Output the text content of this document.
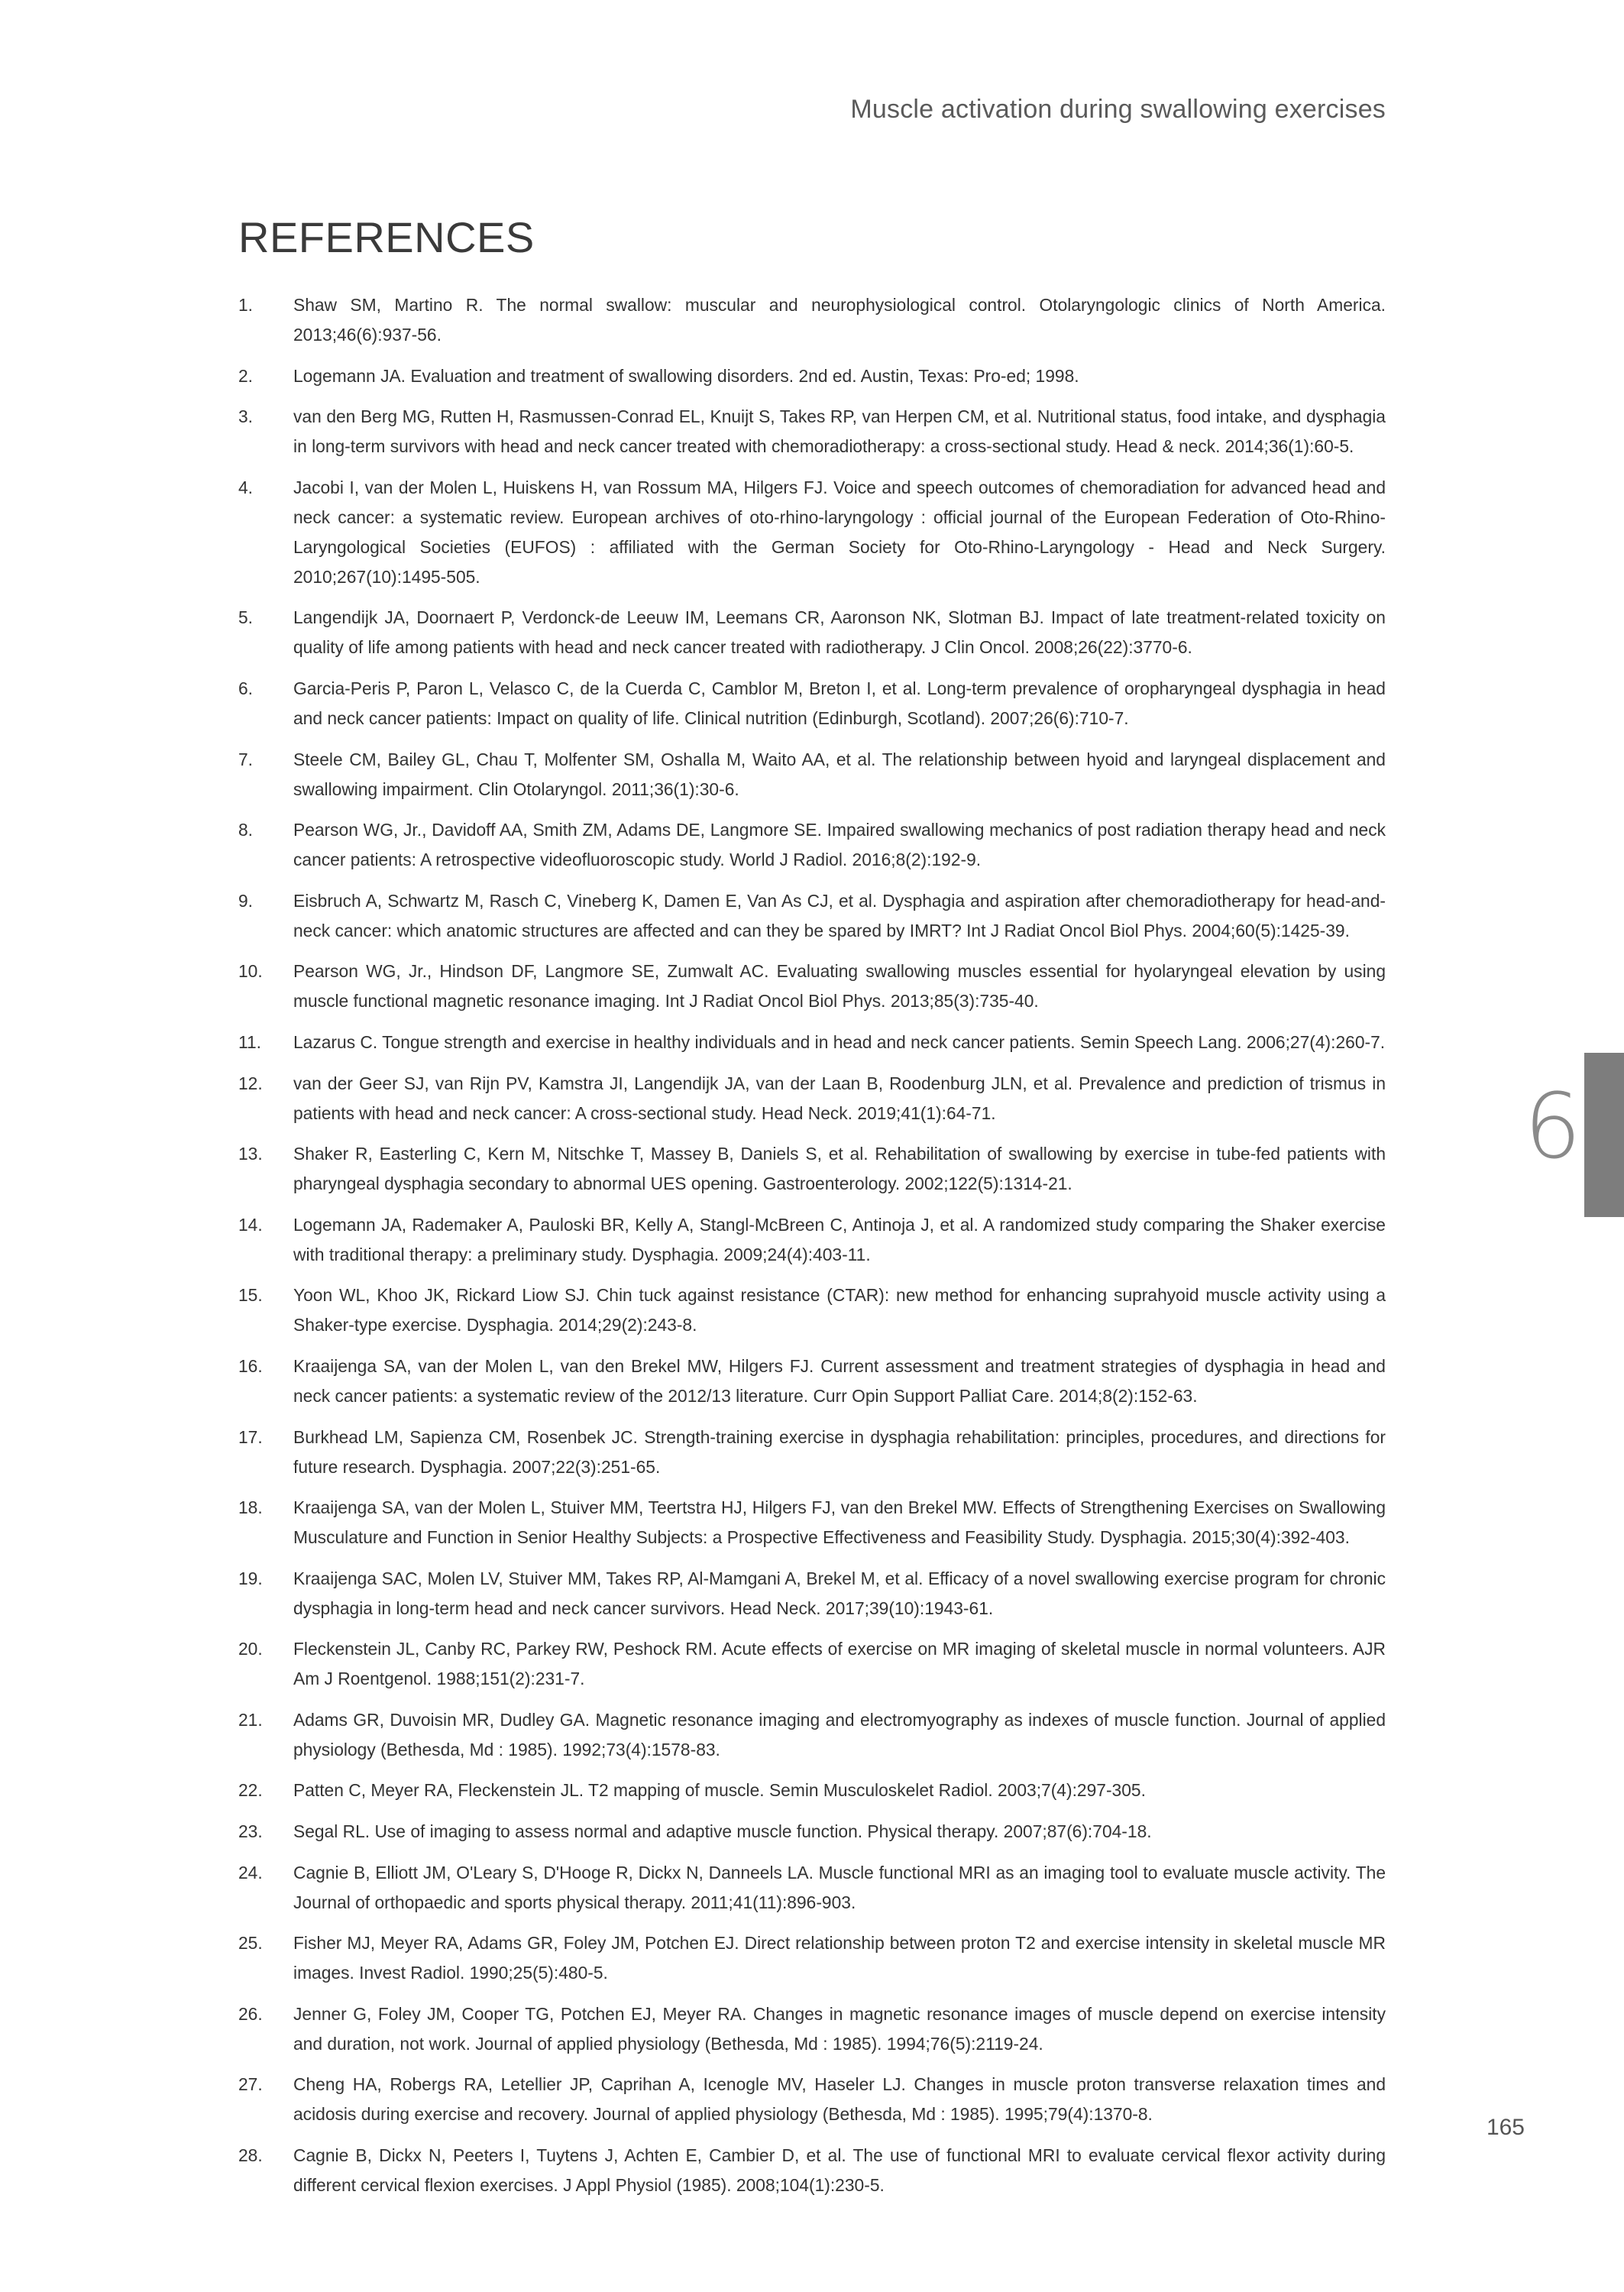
Muscle activation during swallowing exercises
REFERENCES
1. Shaw SM, Martino R. The normal swallow: muscular and neurophysiological control. Otolaryngologic clinics of North America. 2013;46(6):937-56.
2. Logemann JA. Evaluation and treatment of swallowing disorders. 2nd ed. Austin, Texas: Pro-ed; 1998.
3. van den Berg MG, Rutten H, Rasmussen-Conrad EL, Knuijt S, Takes RP, van Herpen CM, et al. Nutritional status, food intake, and dysphagia in long-term survivors with head and neck cancer treated with chemoradiotherapy: a cross-sectional study. Head & neck. 2014;36(1):60-5.
4. Jacobi I, van der Molen L, Huiskens H, van Rossum MA, Hilgers FJ. Voice and speech outcomes of chemoradiation for advanced head and neck cancer: a systematic review. European archives of oto-rhino-laryngology : official journal of the European Federation of Oto-Rhino-Laryngological Societies (EUFOS) : affiliated with the German Society for Oto-Rhino-Laryngology - Head and Neck Surgery. 2010;267(10):1495-505.
5. Langendijk JA, Doornaert P, Verdonck-de Leeuw IM, Leemans CR, Aaronson NK, Slotman BJ. Impact of late treatment-related toxicity on quality of life among patients with head and neck cancer treated with radiotherapy. J Clin Oncol. 2008;26(22):3770-6.
6. Garcia-Peris P, Paron L, Velasco C, de la Cuerda C, Camblor M, Breton I, et al. Long-term prevalence of oropharyngeal dysphagia in head and neck cancer patients: Impact on quality of life. Clinical nutrition (Edinburgh, Scotland). 2007;26(6):710-7.
7. Steele CM, Bailey GL, Chau T, Molfenter SM, Oshalla M, Waito AA, et al. The relationship between hyoid and laryngeal displacement and swallowing impairment. Clin Otolaryngol. 2011;36(1):30-6.
8. Pearson WG, Jr., Davidoff AA, Smith ZM, Adams DE, Langmore SE. Impaired swallowing mechanics of post radiation therapy head and neck cancer patients: A retrospective videofluoroscopic study. World J Radiol. 2016;8(2):192-9.
9. Eisbruch A, Schwartz M, Rasch C, Vineberg K, Damen E, Van As CJ, et al. Dysphagia and aspiration after chemoradiotherapy for head-and-neck cancer: which anatomic structures are affected and can they be spared by IMRT? Int J Radiat Oncol Biol Phys. 2004;60(5):1425-39.
10. Pearson WG, Jr., Hindson DF, Langmore SE, Zumwalt AC. Evaluating swallowing muscles essential for hyolaryngeal elevation by using muscle functional magnetic resonance imaging. Int J Radiat Oncol Biol Phys. 2013;85(3):735-40.
11. Lazarus C. Tongue strength and exercise in healthy individuals and in head and neck cancer patients. Semin Speech Lang. 2006;27(4):260-7.
12. van der Geer SJ, van Rijn PV, Kamstra JI, Langendijk JA, van der Laan B, Roodenburg JLN, et al. Prevalence and prediction of trismus in patients with head and neck cancer: A cross-sectional study. Head Neck. 2019;41(1):64-71.
13. Shaker R, Easterling C, Kern M, Nitschke T, Massey B, Daniels S, et al. Rehabilitation of swallowing by exercise in tube-fed patients with pharyngeal dysphagia secondary to abnormal UES opening. Gastroenterology. 2002;122(5):1314-21.
14. Logemann JA, Rademaker A, Pauloski BR, Kelly A, Stangl-McBreen C, Antinoja J, et al. A randomized study comparing the Shaker exercise with traditional therapy: a preliminary study. Dysphagia. 2009;24(4):403-11.
15. Yoon WL, Khoo JK, Rickard Liow SJ. Chin tuck against resistance (CTAR): new method for enhancing suprahyoid muscle activity using a Shaker-type exercise. Dysphagia. 2014;29(2):243-8.
16. Kraaijenga SA, van der Molen L, van den Brekel MW, Hilgers FJ. Current assessment and treatment strategies of dysphagia in head and neck cancer patients: a systematic review of the 2012/13 literature. Curr Opin Support Palliat Care. 2014;8(2):152-63.
17. Burkhead LM, Sapienza CM, Rosenbek JC. Strength-training exercise in dysphagia rehabilitation: principles, procedures, and directions for future research. Dysphagia. 2007;22(3):251-65.
18. Kraaijenga SA, van der Molen L, Stuiver MM, Teertstra HJ, Hilgers FJ, van den Brekel MW. Effects of Strengthening Exercises on Swallowing Musculature and Function in Senior Healthy Subjects: a Prospective Effectiveness and Feasibility Study. Dysphagia. 2015;30(4):392-403.
19. Kraaijenga SAC, Molen LV, Stuiver MM, Takes RP, Al-Mamgani A, Brekel M, et al. Efficacy of a novel swallowing exercise program for chronic dysphagia in long-term head and neck cancer survivors. Head Neck. 2017;39(10):1943-61.
20. Fleckenstein JL, Canby RC, Parkey RW, Peshock RM. Acute effects of exercise on MR imaging of skeletal muscle in normal volunteers. AJR Am J Roentgenol. 1988;151(2):231-7.
21. Adams GR, Duvoisin MR, Dudley GA. Magnetic resonance imaging and electromyography as indexes of muscle function. Journal of applied physiology (Bethesda, Md : 1985). 1992;73(4):1578-83.
22. Patten C, Meyer RA, Fleckenstein JL. T2 mapping of muscle. Semin Musculoskelet Radiol. 2003;7(4):297-305.
23. Segal RL. Use of imaging to assess normal and adaptive muscle function. Physical therapy. 2007;87(6):704-18.
24. Cagnie B, Elliott JM, O'Leary S, D'Hooge R, Dickx N, Danneels LA. Muscle functional MRI as an imaging tool to evaluate muscle activity. The Journal of orthopaedic and sports physical therapy. 2011;41(11):896-903.
25. Fisher MJ, Meyer RA, Adams GR, Foley JM, Potchen EJ. Direct relationship between proton T2 and exercise intensity in skeletal muscle MR images. Invest Radiol. 1990;25(5):480-5.
26. Jenner G, Foley JM, Cooper TG, Potchen EJ, Meyer RA. Changes in magnetic resonance images of muscle depend on exercise intensity and duration, not work. Journal of applied physiology (Bethesda, Md : 1985). 1994;76(5):2119-24.
27. Cheng HA, Robergs RA, Letellier JP, Caprihan A, Icenogle MV, Haseler LJ. Changes in muscle proton transverse relaxation times and acidosis during exercise and recovery. Journal of applied physiology (Bethesda, Md : 1985). 1995;79(4):1370-8.
28. Cagnie B, Dickx N, Peeters I, Tuytens J, Achten E, Cambier D, et al. The use of functional MRI to evaluate cervical flexor activity during different cervical flexion exercises. J Appl Physiol (1985). 2008;104(1):230-5.
6
165
